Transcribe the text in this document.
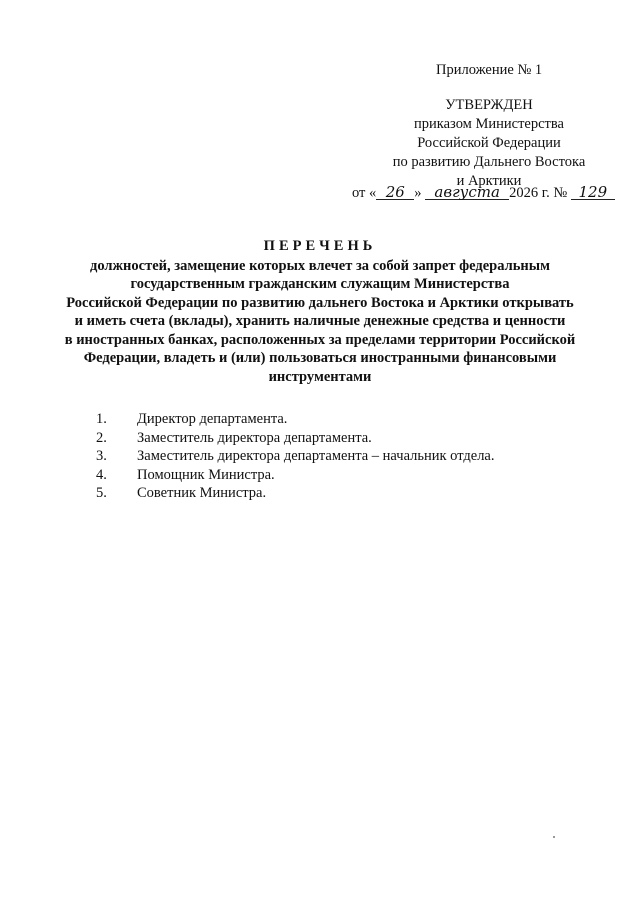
Приложение № 1
УТВЕРЖДЕН
приказом Министерства
Российской Федерации
по развитию Дальнего Востока
и Арктики
от « 26 » августа 2026 г. № 129
ПЕРЕЧЕНЬ
должностей, замещение которых влечет за собой запрет федеральным
государственным гражданским служащим Министерства
Российской Федерации по развитию дальнего Востока и Арктики открывать
и иметь счета (вклады), хранить наличные денежные средства и ценности
в иностранных банках, расположенных за пределами территории Российской
Федерации, владеть и (или) пользоваться иностранными финансовыми
инструментами
1.	Директор департамента.
2.	Заместитель директора департамента.
3.	Заместитель директора департамента – начальник отдела.
4.	Помощник Министра.
5.	Советник Министра.
